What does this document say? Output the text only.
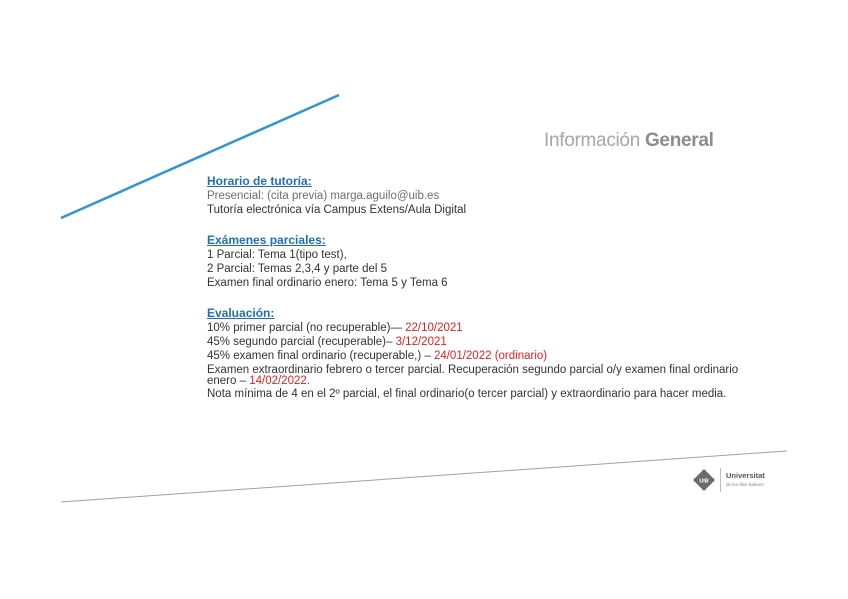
Información General
Horario de tutoría:
Presencial: (cita previa) marga.aguilo@uib.es
Tutoría electrónica vía Campus Extens/Aula Digital
Exámenes parciales:
1 Parcial: Tema 1(tipo test),
2 Parcial: Temas 2,3,4 y parte del 5
Examen final ordinario enero: Tema 5 y Tema 6
Evaluación:
10% primer parcial (no recuperable)— 22/10/2021
45% segundo parcial (recuperable)– 3/12/2021
45% examen final ordinario (recuperable,) – 24/01/2022 (ordinario)
Examen extraordinario febrero o tercer parcial. Recuperación segundo parcial o/y examen final ordinario enero – 14/02/2022.
Nota mínima de 4 en el 2º parcial, el final ordinario(o tercer parcial) y extraordinario para hacer media.
UIB
Universitat
de les Illes Balears
